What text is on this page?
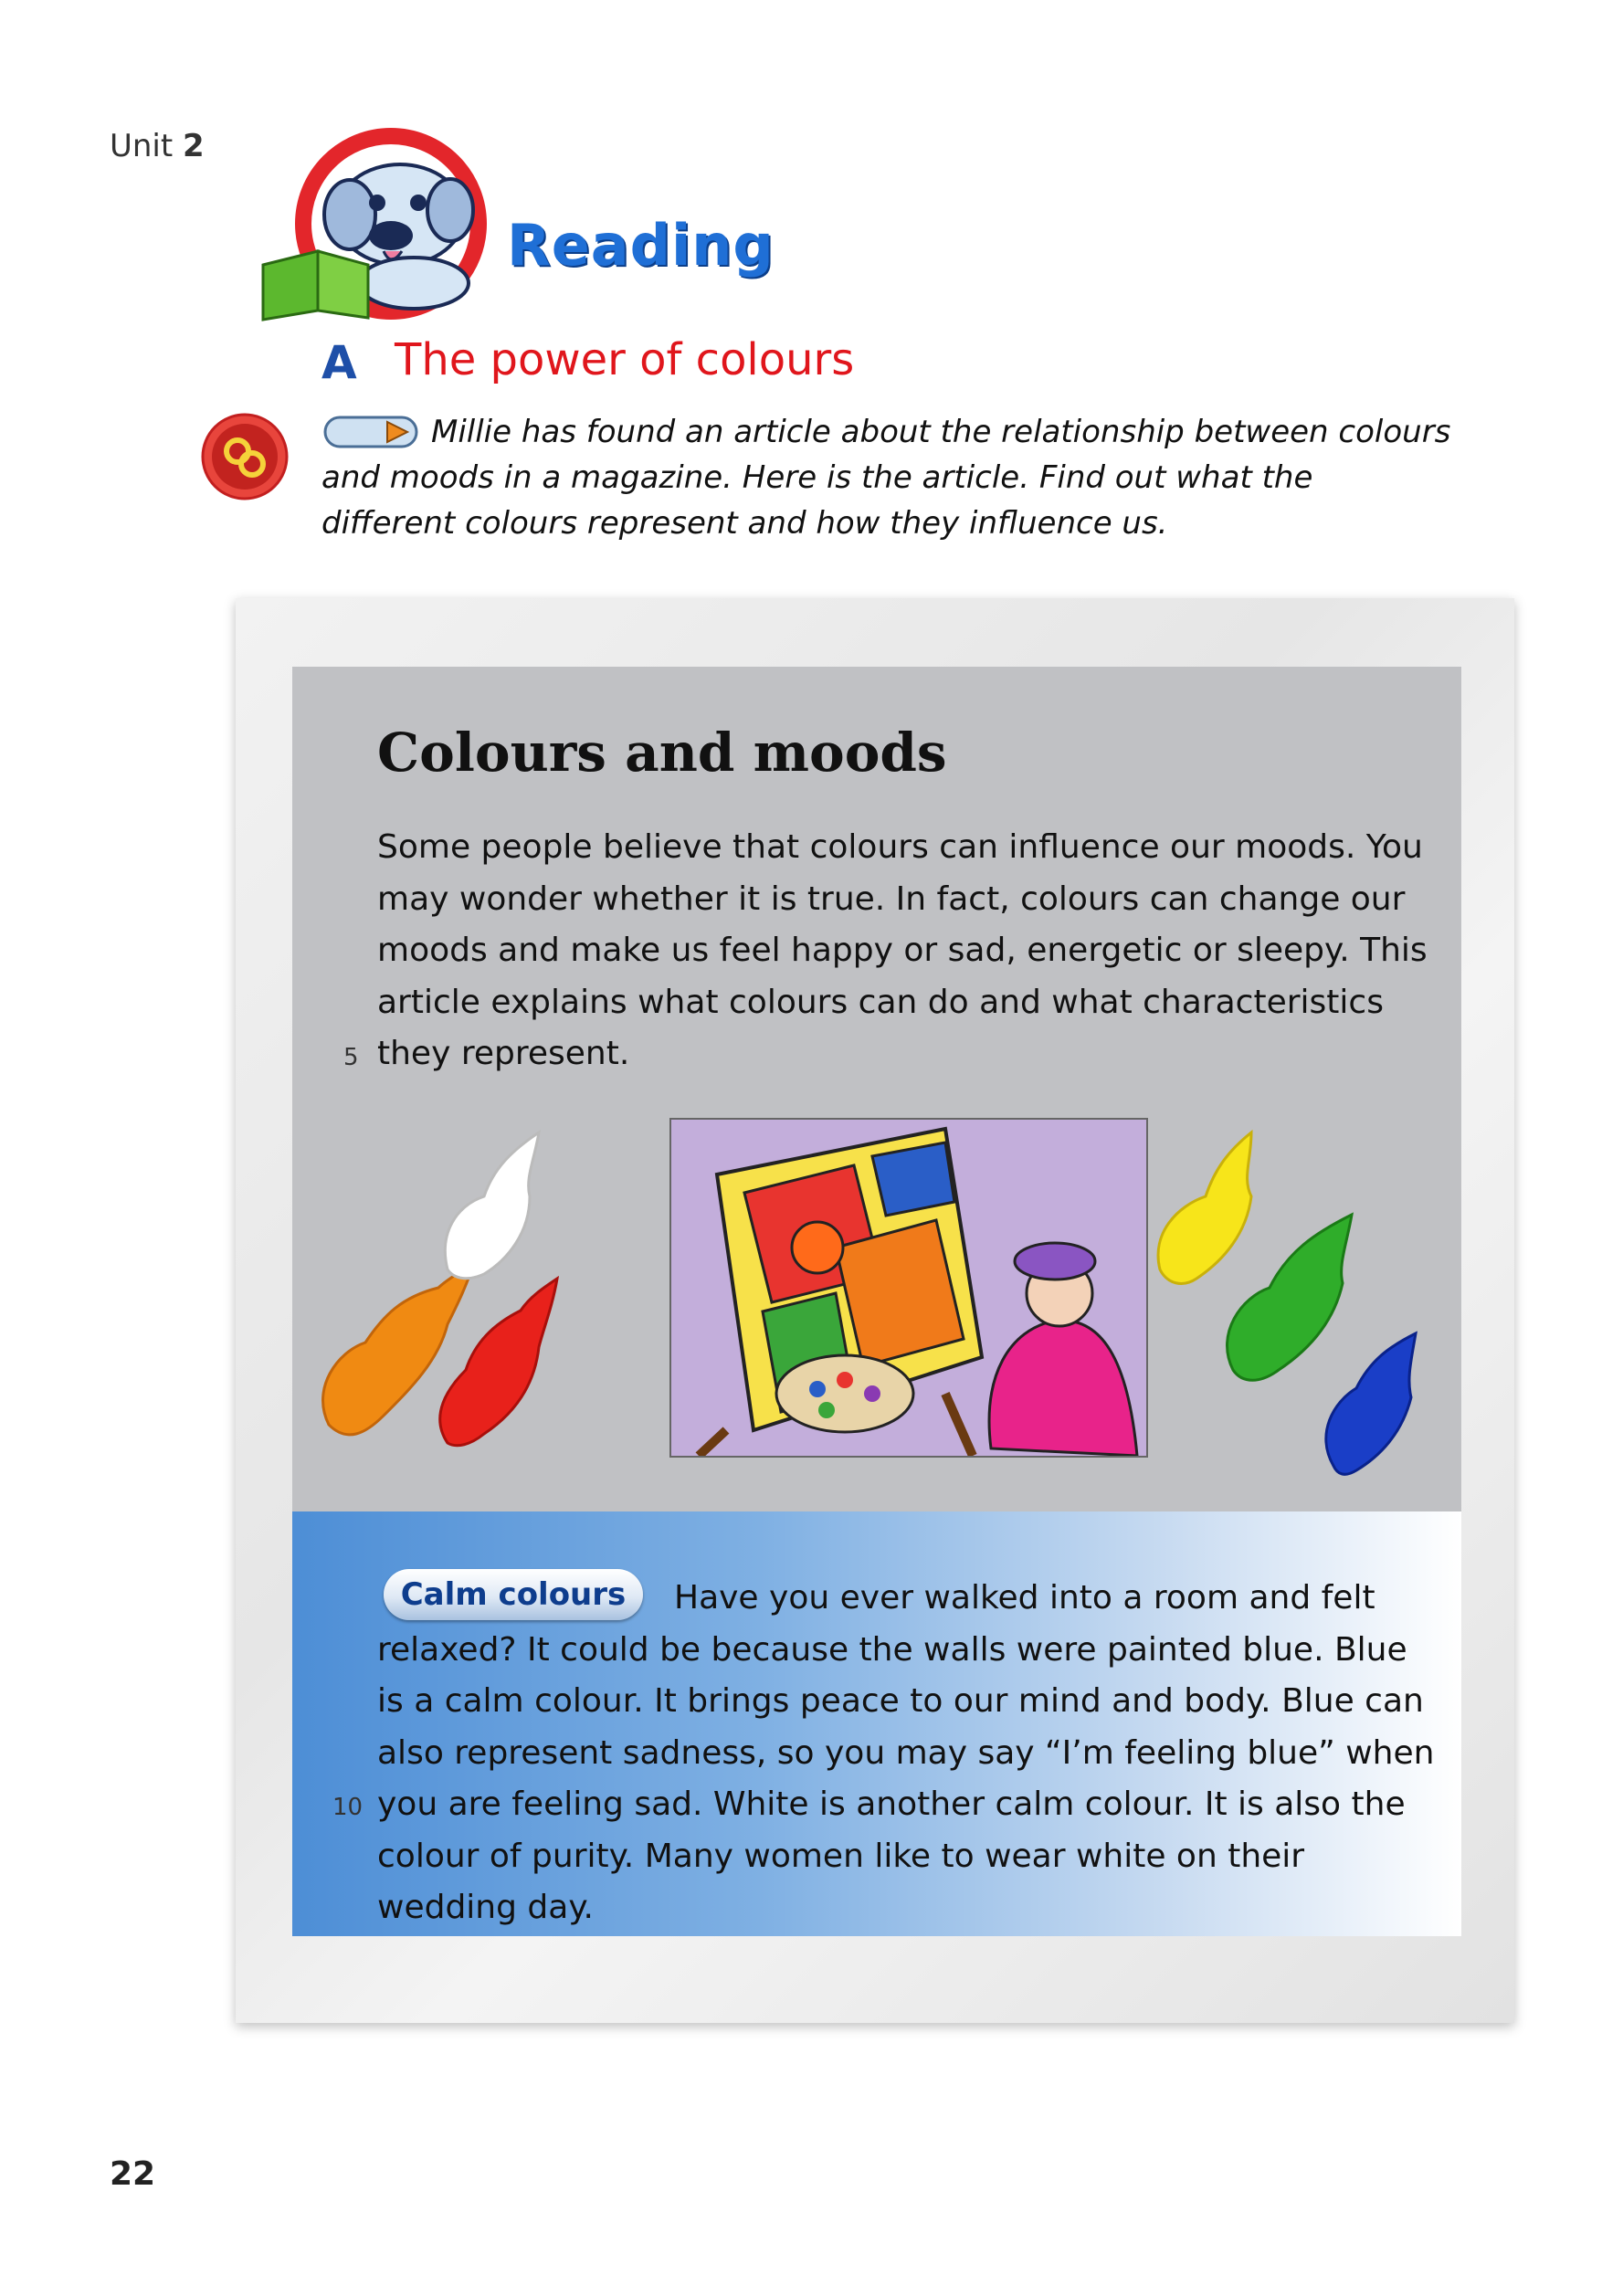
Unit 2
Reading
A The power of colours
Millie has found an article about the relationship between colours and moods in a magazine. Here is the article. Find out what the different colours represent and how they influence us.
Colours and moods
Some people believe that colours can influence our moods. You may wonder whether it is true. In fact, colours can change our moods and make us feel happy or sad, energetic or sleepy. This article explains what colours can do and what characteristics they represent.
5
Calm colours	Have you ever walked into a room and felt relaxed? It could be because the walls were painted blue. Blue is a calm colour. It brings peace to our mind and body. Blue can also represent sadness, so you may say “I’m feeling blue” when you are feeling sad. White is another calm colour. It is also the colour of purity. Many women like to wear white on their wedding day.
10
22
